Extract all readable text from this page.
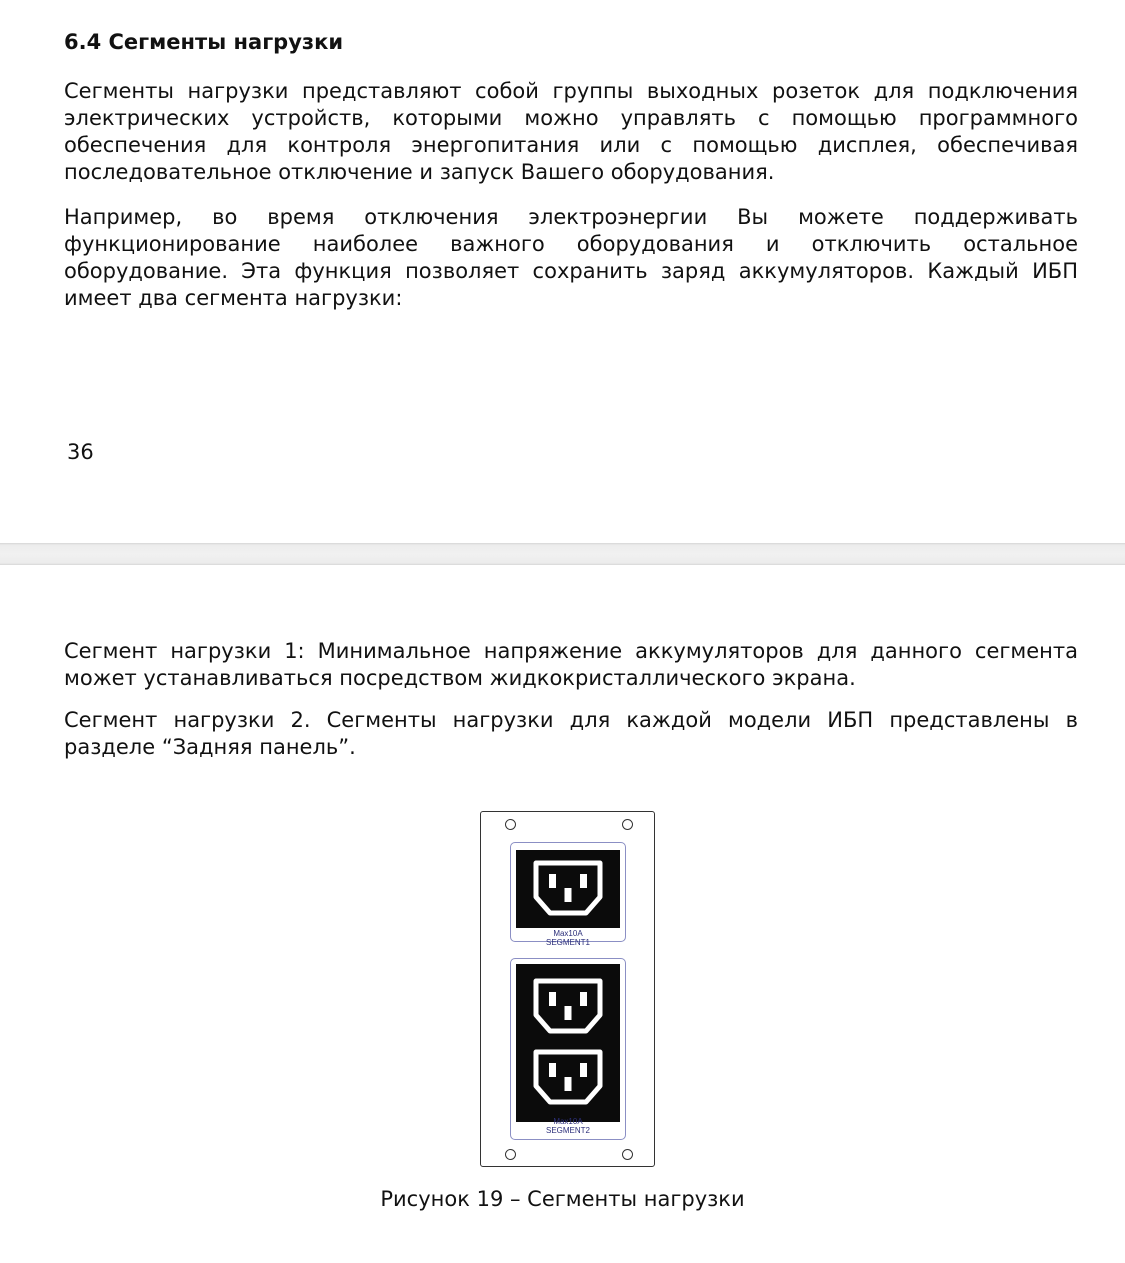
6.4 Сегменты нагрузки

Сегменты нагрузки представляют собой группы выходных розеток для подключения электрических устройств, которыми можно управлять с помощью программного обеспечения для контроля энергопитания или с помощью дисплея, обеспечивая последовательное отключение и запуск Вашего оборудования.

Например, во время отключения электроэнергии Вы можете поддерживать функционирование наиболее важного оборудования и отключить остальное оборудование. Эта функция позволяет сохранить заряд аккумуляторов. Каждый ИБП имеет два сегмента нагрузки:

36

Сегмент нагрузки 1: Минимальное напряжение аккумуляторов для данного сегмента может устанавливаться посредством жидкокристаллического экрана.

Сегмент нагрузки 2. Сегменты нагрузки для каждой модели ИБП представлены в разделе “Задняя панель”.

Max10A
SEGMENT1
Max10A
SEGMENT2
Рисунок 19 – Сегменты нагрузки
